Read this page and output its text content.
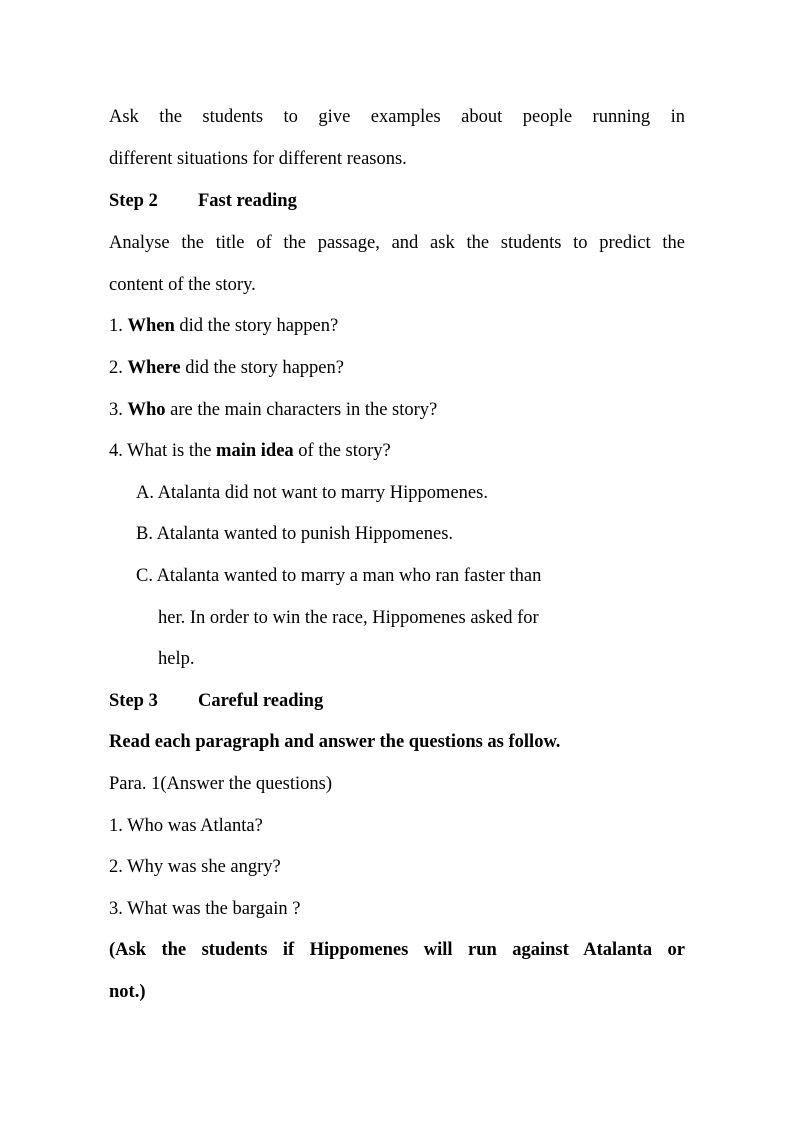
Ask the students to give examples about people running in
different situations for different reasons.
Step 2 Fast reading
Analyse the title of the passage, and ask the students to predict the
content of the story.
1. When did the story happen?
2. Where did the story happen?
3. Who are the main characters in the story?
4. What is the main idea of the story?
A. Atalanta did not want to marry Hippomenes.
B. Atalanta wanted to punish Hippomenes.
C. Atalanta wanted to marry a man who ran faster than
her. In order to win the race, Hippomenes asked for
help.
Step 3 Careful reading
Read each paragraph and answer the questions as follow.
Para. 1(Answer the questions)
1. Who was Atlanta?
2. Why was she angry?
3. What was the bargain ?
(Ask the students if Hippomenes will run against Atalanta or
not.)
